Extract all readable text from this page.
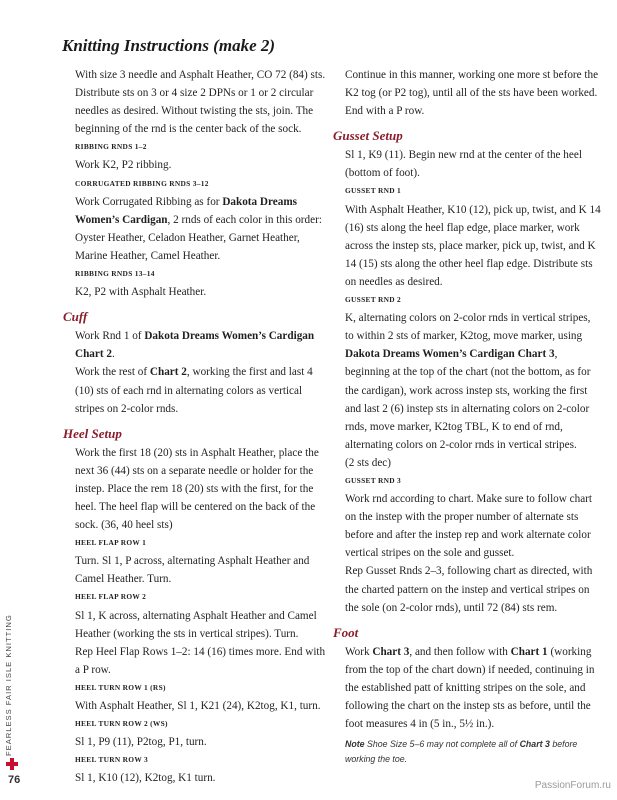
Knitting Instructions (make 2)

With size 3 needle and Asphalt Heather, CO 72 (84) sts. Distribute sts on 3 or 4 size 2 DPNs or 1 or 2 circular needles as desired. Without twisting the sts, join. The beginning of the rnd is the center back of the sock.

RIBBING RNDS 1–2

Work K2, P2 ribbing.

CORRUGATED RIBBING RNDS 3–12

Work Corrugated Ribbing as for Dakota Dreams Women’s Cardigan, 2 rnds of each color in this order: Oyster Heather, Celadon Heather, Garnet Heather, Marine Heather, Camel Heather.

RIBBING RNDS 13–14

K2, P2 with Asphalt Heather.

Cuff

Work Rnd 1 of Dakota Dreams Women’s Cardigan Chart 2.

Work the rest of Chart 2, working the first and last 4 (10) sts of each rnd in alternating colors as vertical stripes on 2-color rnds.

Heel Setup

Work the first 18 (20) sts in Asphalt Heather, place the next 36 (44) sts on a separate needle or holder for the instep. Place the rem 18 (20) sts with the first, for the heel. The heel flap will be centered on the back of the sock. (36, 40 heel sts)

HEEL FLAP ROW 1

Turn. Sl 1, P across, alternating Asphalt Heather and Camel Heather. Turn.

HEEL FLAP ROW 2

Sl 1, K across, alternating Asphalt Heather and Camel Heather (working the sts in vertical stripes). Turn.

Rep Heel Flap Rows 1–2: 14 (16) times more. End with a P row.

HEEL TURN ROW 1 (RS)

With Asphalt Heather, Sl 1, K21 (24), K2tog, K1, turn.

HEEL TURN ROW 2 (WS)

Sl 1, P9 (11), P2tog, P1, turn.

HEEL TURN ROW 3

Sl 1, K10 (12), K2tog, K1 turn.

Continue in this manner, working one more st before the K2 tog (or P2 tog), until all of the sts have been worked. End with a P row.

Gusset Setup

Sl 1, K9 (11). Begin new rnd at the center of the heel (bottom of foot).

GUSSET RND 1

With Asphalt Heather, K10 (12), pick up, twist, and K 14 (16) sts along the heel flap edge, place marker, work across the instep sts, place marker, pick up, twist, and K 14 (15) sts along the other heel flap edge. Distribute sts on needles as desired.

GUSSET RND 2

K, alternating colors on 2-color rnds in vertical stripes, to within 2 sts of marker, K2tog, move marker, using Dakota Dreams Women’s Cardigan Chart 3, beginning at the top of the chart (not the bottom, as for the cardigan), work across instep sts, working the first and last 2 (6) instep sts in alternating colors on 2-color rnds, move marker, K2tog TBL, K to end of rnd, alternating colors on 2-color rnds in vertical stripes.

(2 sts dec)

GUSSET RND 3

Work rnd according to chart. Make sure to follow chart on the instep with the proper number of alternate sts before and after the instep rep and work alternate color vertical stripes on the sole and gusset.

Rep Gusset Rnds 2–3, following chart as directed, with the charted pattern on the instep and vertical stripes on the sole (on 2-color rnds), until 72 (84) sts rem.

Foot

Work Chart 3, and then follow with Chart 1 (working from the top of the chart down) if needed, continuing in the established patt of knitting stripes on the sole, and following the chart on the instep sts as before, until the foot measures 4 in (5 in., 5½ in.).

Note Shoe Size 5–6 may not complete all of Chart 3 before working the toe.

FEARLESS FAIR ISLE KNITTING
76	PassionForum.ru
